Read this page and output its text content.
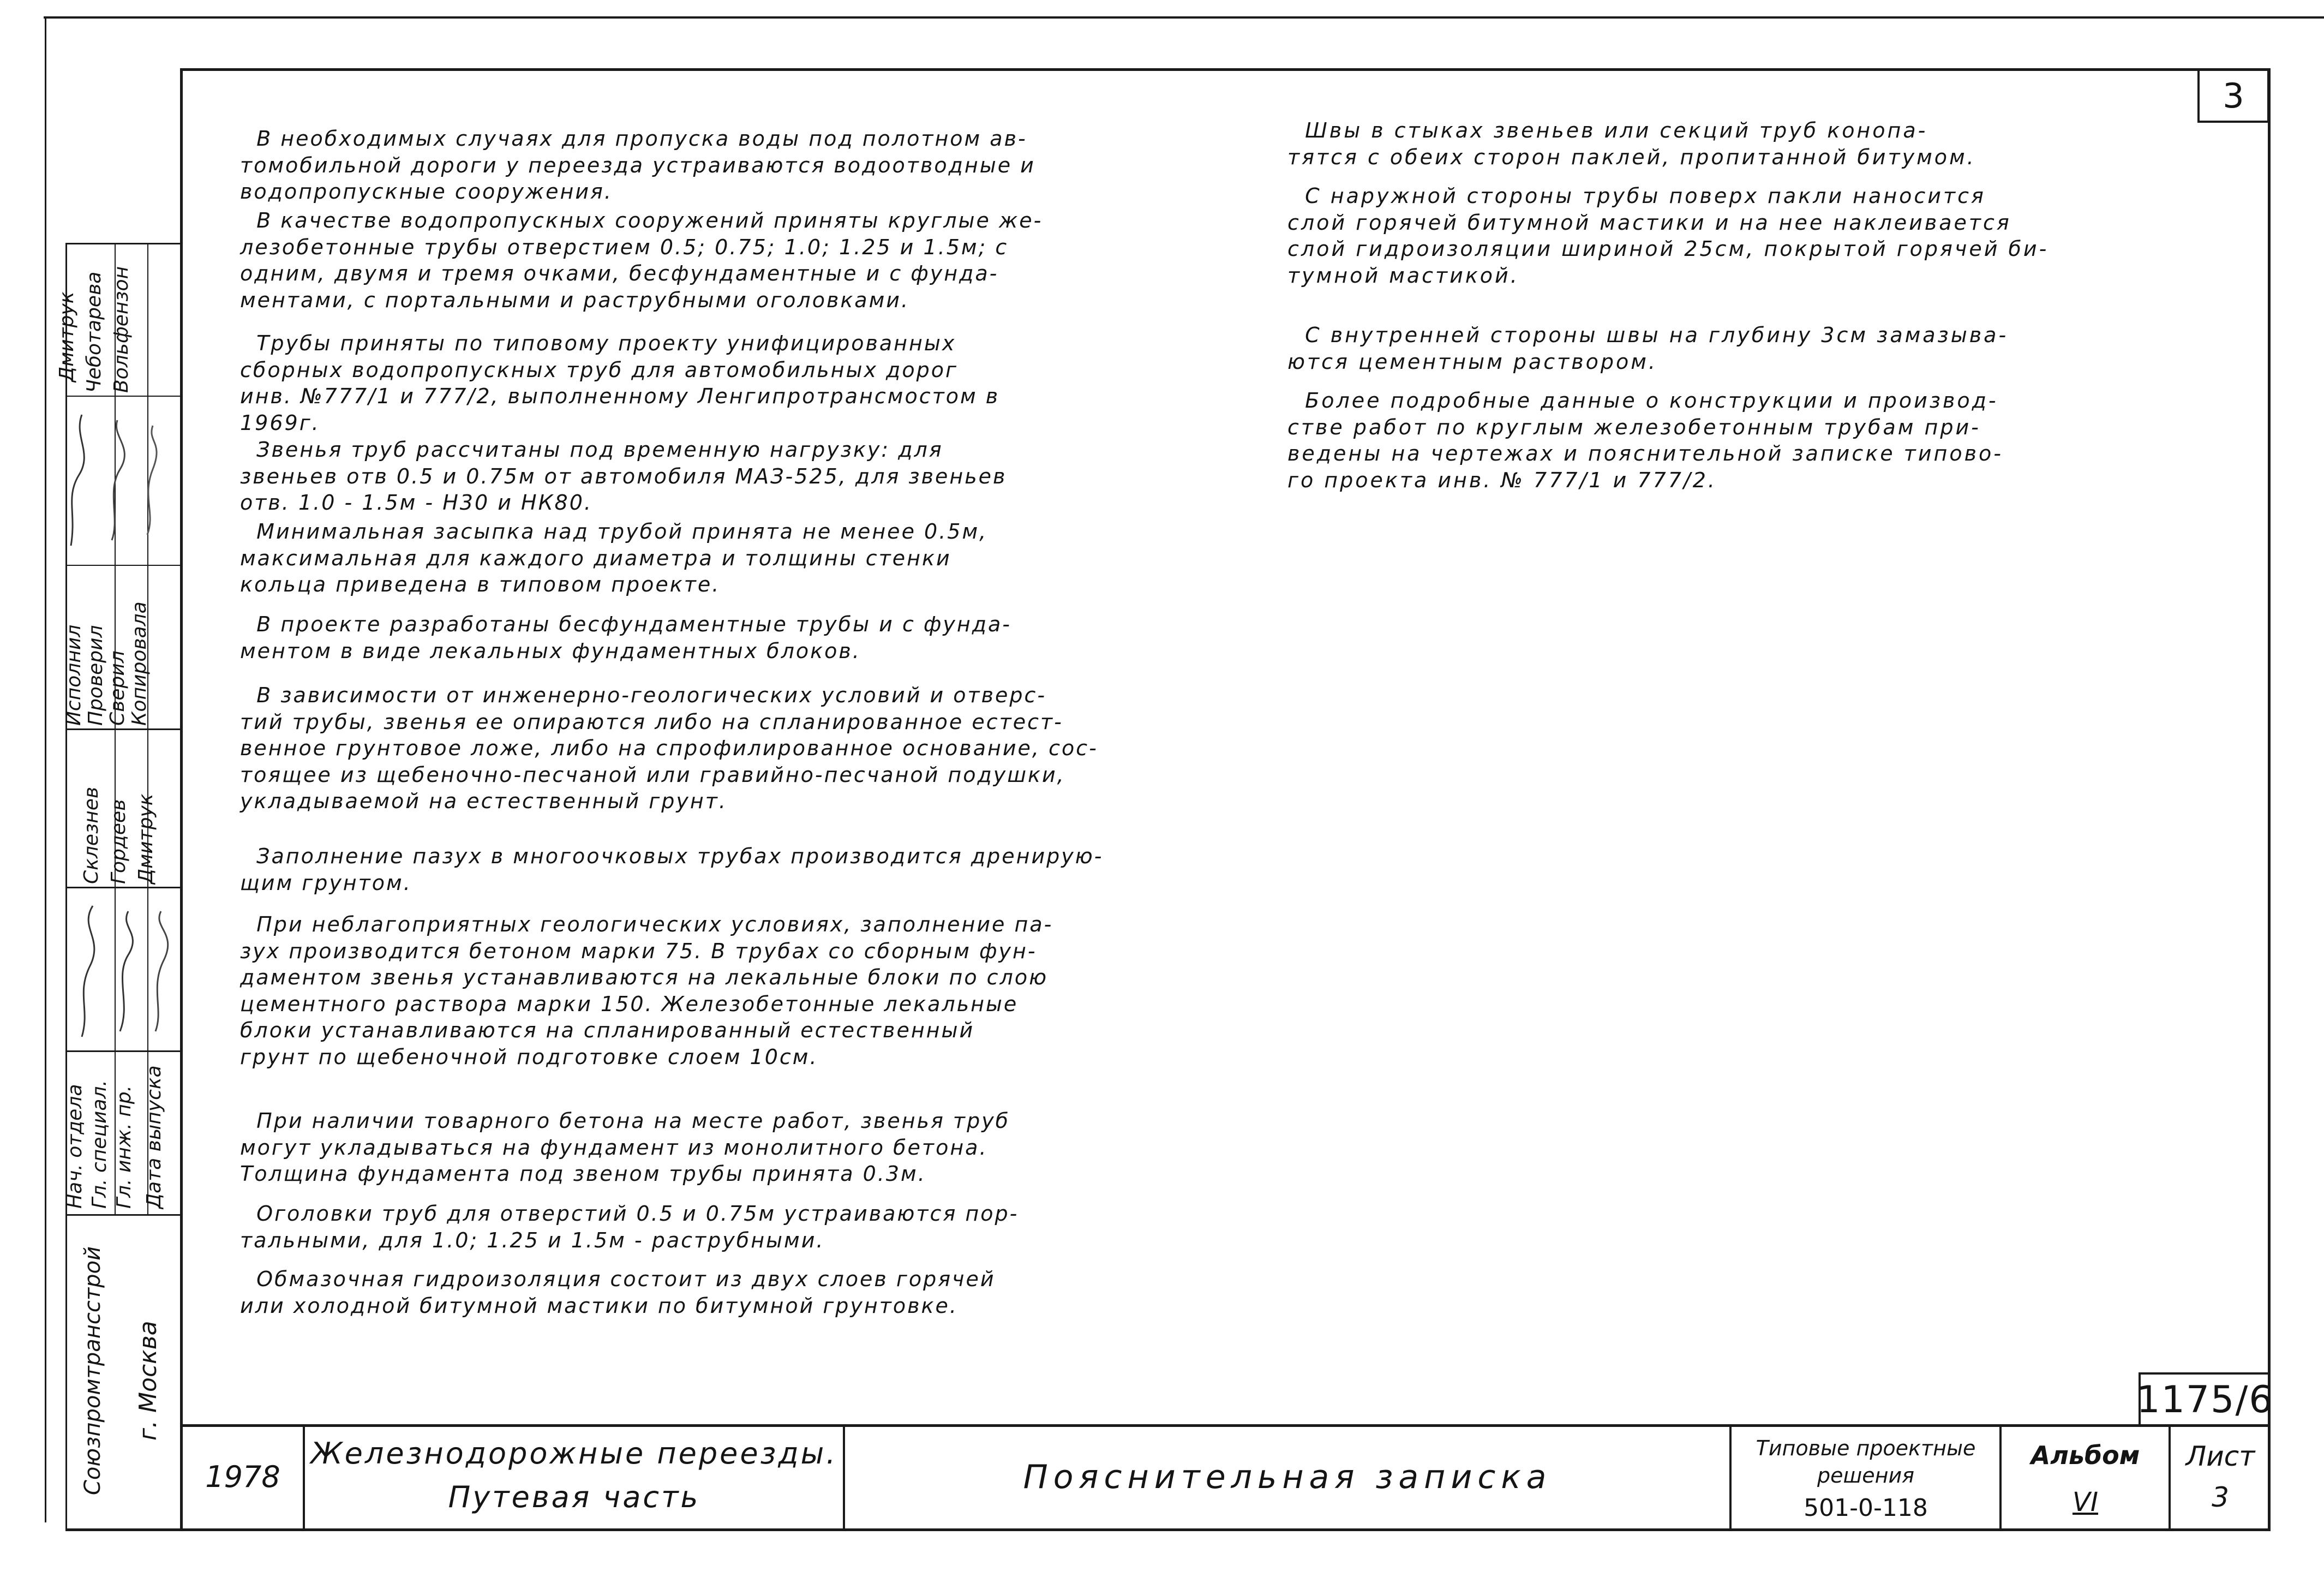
3
Исполнил Проверил Сверил Копировала
Дмитрук Чеботарева Вольфензон
Нач. отдела Гл. специал. Гл. инж. пр. Дата выпуска
Склезнев Гордеев Дмитрук
Союзпромтрансстрой г. Москва
В необходимых случаях для пропуска воды под полотном ав-
томобильной дороги у переезда устраиваются водоотводные и
водопропускные сооружения.
В качестве водопропускных сооружений приняты круглые же-
лезобетонные трубы отверстием 0.5; 0.75; 1.0; 1.25 и 1.5м; с
одним, двумя и тремя очками, бесфундаментные и с фунда-
ментами, с портальными и раструбными оголовками.
Трубы приняты по типовому проекту унифицированных
сборных водопропускных труб для автомобильных дорог
инв. №777/1 и 777/2, выполненному Ленгипротрансмостом в
1969г.
Звенья труб рассчитаны под временную нагрузку: для
звеньев отв 0.5 и 0.75м от автомобиля МАЗ-525, для звеньев
отв. 1.0 - 1.5м - Н30 и НК80.
Минимальная засыпка над трубой принята не менее 0.5м,
максимальная для каждого диаметра и толщины стенки
кольца приведена в типовом проекте.
В проекте разработаны бесфундаментные трубы и с фунда-
ментом в виде лекальных фундаментных блоков.
В зависимости от инженерно-геологических условий и отверс-
тий трубы, звенья ее опираются либо на спланированное естест-
венное грунтовое ложе, либо на спрофилированное основание, сос-
тоящее из щебеночно-песчаной или гравийно-песчаной подушки,
укладываемой на естественный грунт.
Заполнение пазух в многоочковых трубах производится дренирую-
щим грунтом.
При неблагоприятных геологических условиях, заполнение па-
зух производится бетоном марки 75. В трубах со сборным фун-
даментом звенья устанавливаются на лекальные блоки по слою
цементного раствора марки 150. Железобетонные лекальные
блоки устанавливаются на спланированный естественный
грунт по щебеночной подготовке слоем 10см.
При наличии товарного бетона на месте работ, звенья труб
могут укладываться на фундамент из монолитного бетона.
Толщина фундамента под звеном трубы принята 0.3м.
Оголовки труб для отверстий 0.5 и 0.75м устраиваются пор-
тальными, для 1.0; 1.25 и 1.5м - раструбными.
Обмазочная гидроизоляция состоит из двух слоев горячей
или холодной битумной мастики по битумной грунтовке.
Швы в стыках звеньев или секций труб конопа-
тятся с обеих сторон паклей, пропитанной битумом.
С наружной стороны трубы поверх пакли наносится
слой горячей битумной мастики и на нее наклеивается
слой гидроизоляции шириной 25см, покрытой горячей би-
тумной мастикой.
С внутренней стороны швы на глубину 3см замазыва-
ются цементным раствором.
Более подробные данные о конструкции и производ-
стве работ по круглым железобетонным трубам при-
ведены на чертежах и пояснительной записке типово-
го проекта инв. № 777/1 и 777/2.
1175/6
1978
Железнодорожные переезды.
Путевая часть
Пояснительная записка
Типовые проектные
решения
501-0-118
Альбом
VI
Лист
3
